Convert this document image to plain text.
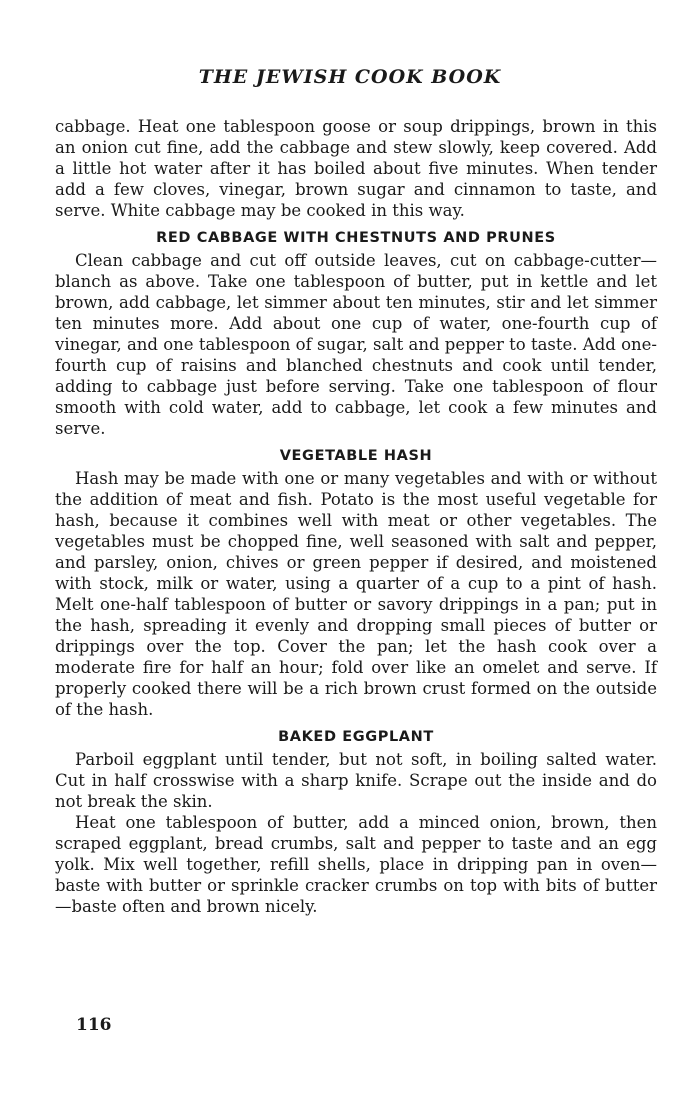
THE JEWISH COOK BOOK

cabbage. Heat one tablespoon goose or soup drippings, brown in this an onion cut fine, add the cabbage and stew slowly, keep covered. Add a little hot water after it has boiled about five minutes. When tender add a few cloves, vinegar, brown sugar and cinnamon to taste, and serve. White cabbage may be cooked in this way.

RED CABBAGE WITH CHESTNUTS AND PRUNES

Clean cabbage and cut off outside leaves, cut on cabbage-cutter—blanch as above. Take one tablespoon of butter, put in kettle and let brown, add cabbage, let simmer about ten minutes, stir and let simmer ten minutes more. Add about one cup of water, one-fourth cup of vinegar, and one tablespoon of sugar, salt and pepper to taste. Add one-fourth cup of raisins and blanched chestnuts and cook until tender, adding to cabbage just before serving. Take one tablespoon of flour smooth with cold water, add to cabbage, let cook a few minutes and serve.

VEGETABLE HASH

Hash may be made with one or many vegetables and with or without the addition of meat and fish. Potato is the most useful vegetable for hash, because it combines well with meat or other vegetables. The vegetables must be chopped fine, well seasoned with salt and pepper, and parsley, onion, chives or green pepper if desired, and moistened with stock, milk or water, using a quarter of a cup to a pint of hash. Melt one-half tablespoon of butter or savory drippings in a pan; put in the hash, spreading it evenly and dropping small pieces of butter or drippings over the top. Cover the pan; let the hash cook over a moderate fire for half an hour; fold over like an omelet and serve. If properly cooked there will be a rich brown crust formed on the outside of the hash.

BAKED EGGPLANT

Parboil eggplant until tender, but not soft, in boiling salted water. Cut in half crosswise with a sharp knife. Scrape out the inside and do not break the skin.

Heat one tablespoon of butter, add a minced onion, brown, then scraped eggplant, bread crumbs, salt and pepper to taste and an egg yolk. Mix well together, refill shells, place in dripping pan in oven—baste with butter or sprinkle cracker crumbs on top with bits of butter—baste often and brown nicely.

116
